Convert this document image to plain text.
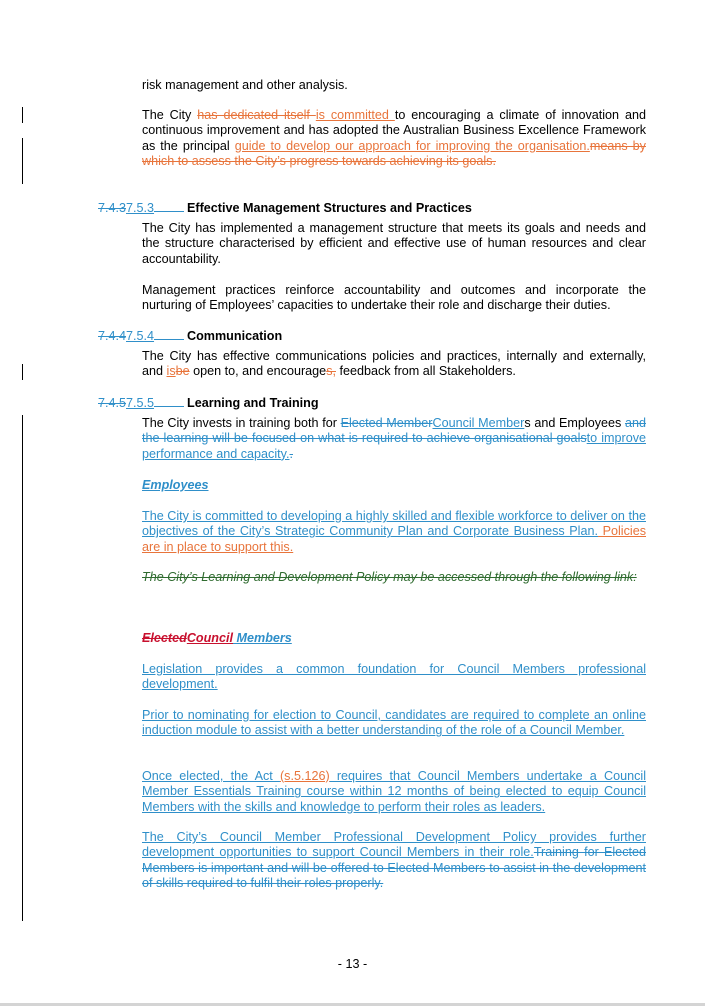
risk management and other analysis.

The City has dedicated itself is committed to encouraging a climate of innovation and continuous improvement and has adopted the Australian Business Excellence Framework as the principal guide to develop our approach for improving the organisation.means by which to assess the City’s progress towards achieving its goals.

7.4.37.5.3	Effective Management Structures and Practices

The City has implemented a management structure that meets its goals and needs and the structure characterised by efficient and effective use of human resources and clear accountability.

Management practices reinforce accountability and outcomes and incorporate the nurturing of Employees’ capacities to undertake their role and discharge their duties.

7.4.47.5.4	Communication

The City has effective communications policies and practices, internally and externally, and isbe open to, and encourages, feedback from all Stakeholders.

7.4.57.5.5	Learning and Training

The City invests in training both for Elected MemberCouncil Members and Employees and the learning will be focused on what is required to achieve organisational goalsto improve performance and capacity..

Employees

The City is committed to developing a highly skilled and flexible workforce to deliver on the objectives of the City’s Strategic Community Plan and Corporate Business Plan. Policies are in place to support this.

The City’s Learning and Development Policy may be accessed through the following link:

ElectedCouncil Members

Legislation provides a common foundation for Council Members professional development.

Prior to nominating for election to Council, candidates are required to complete an online induction module to assist with a better understanding of the role of a Council Member.

Once elected, the Act (s.5.126) requires that Council Members undertake a Council Member Essentials Training course within 12 months of being elected to equip Council Members with the skills and knowledge to perform their roles as leaders.

The City’s Council Member Professional Development Policy provides further development opportunities to support Council Members in their role.Training for Elected Members is important and will be offered to Elected Members to assist in the development of skills required to fulfil their roles properly.

- 13 -
